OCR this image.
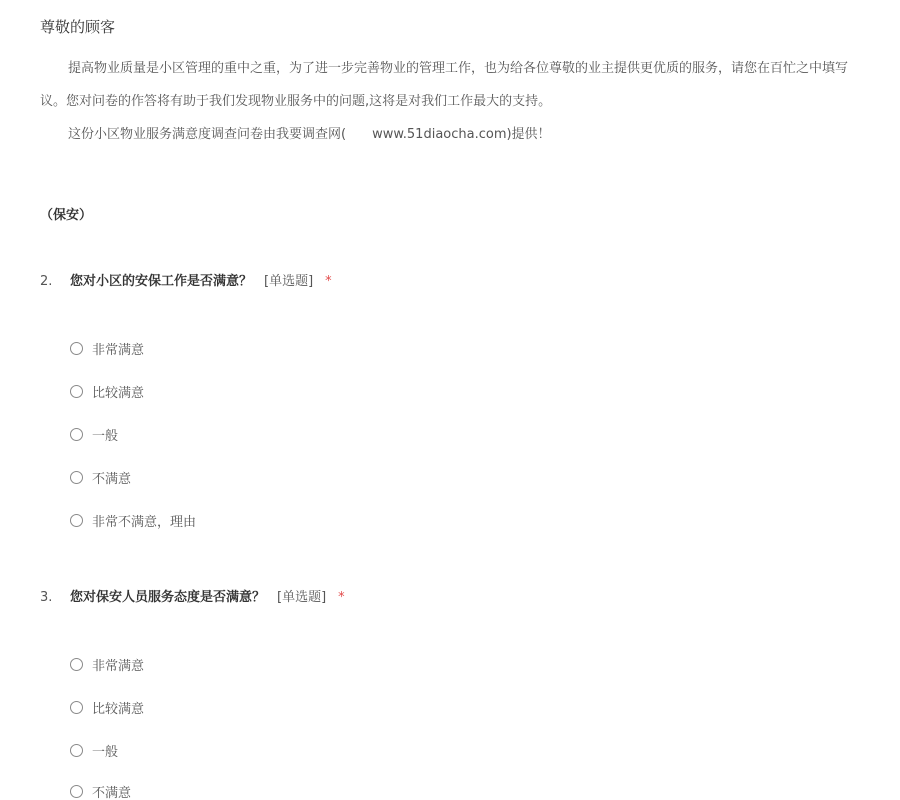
尊敬的顾客
提高物业质量是小区管理的重中之重，为了进一步完善物业的管理工作，也为给各位尊敬的业主提供更优质的服务，请您在百忙之中填写
议。您对问卷的作答将有助于我们发现物业服务中的问题,这将是对我们工作最大的支持。
这份小区物业服务满意度调查问卷由我要调查网(　　www.51diaocha.com)提供！
（保安）
2. 您对小区的安保工作是否满意？ [单选题] *
非常满意
比较满意
一般
不满意
非常不满意，理由
3. 您对保安人员服务态度是否满意？ [单选题] *
非常满意
比较满意
一般
不满意
